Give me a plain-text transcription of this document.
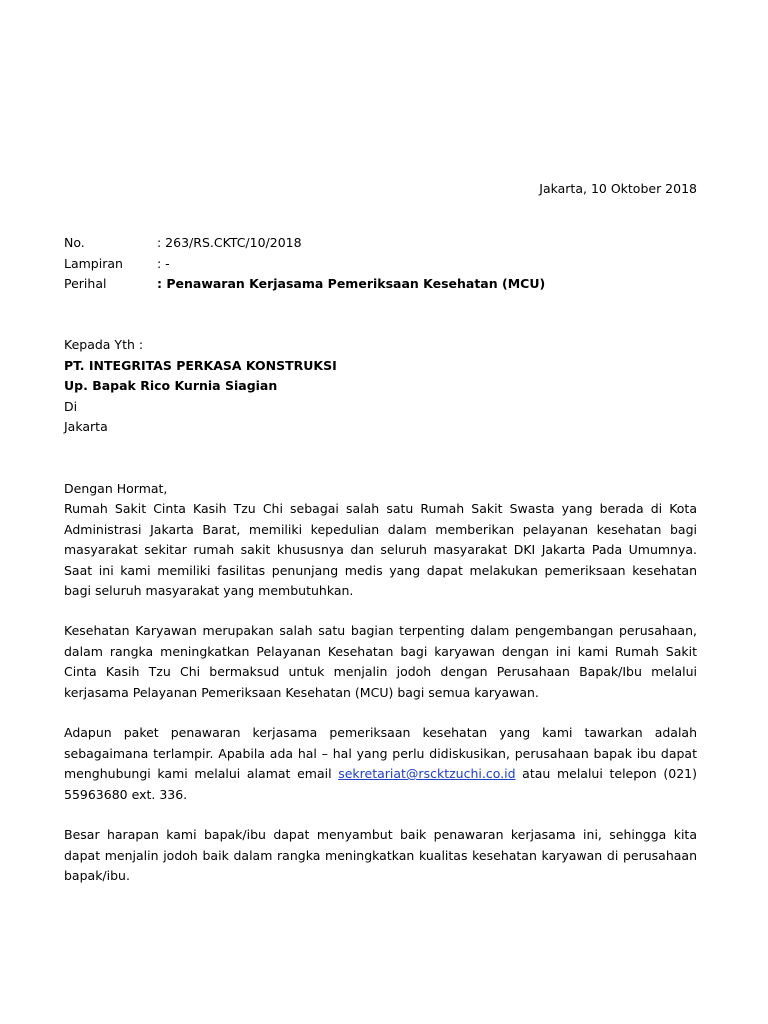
Jakarta, 10 Oktober 2018
No.	: 263/RS.CKTC/10/2018
Lampiran	: -
Perihal	: Penawaran Kerjasama Pemeriksaan Kesehatan (MCU)
Kepada Yth :
PT. INTEGRITAS PERKASA KONSTRUKSI
Up. Bapak Rico Kurnia Siagian
Di
Jakarta
Dengan Hormat,

Rumah Sakit Cinta Kasih Tzu Chi sebagai salah satu Rumah Sakit Swasta yang berada di Kota Administrasi Jakarta Barat, memiliki kepedulian dalam memberikan pelayanan kesehatan bagi masyarakat sekitar rumah sakit khususnya dan seluruh masyarakat DKI Jakarta Pada Umumnya. Saat ini kami memiliki fasilitas penunjang medis yang dapat melakukan pemeriksaan kesehatan bagi seluruh masyarakat yang membutuhkan.

Kesehatan Karyawan merupakan salah satu bagian terpenting dalam pengembangan perusahaan, dalam rangka meningkatkan Pelayanan Kesehatan bagi karyawan dengan ini kami Rumah Sakit Cinta Kasih Tzu Chi bermaksud untuk menjalin jodoh dengan Perusahaan Bapak/Ibu melalui kerjasama Pelayanan Pemeriksaan Kesehatan (MCU) bagi semua karyawan.

Adapun paket penawaran kerjasama pemeriksaan kesehatan yang kami tawarkan adalah sebagaimana terlampir. Apabila ada hal – hal yang perlu didiskusikan, perusahaan bapak ibu dapat menghubungi kami melalui alamat email sekretariat@rscktzuchi.co.id atau melalui telepon (021) 55963680 ext. 336.

Besar harapan kami bapak/ibu dapat menyambut baik penawaran kerjasama ini, sehingga kita dapat menjalin jodoh baik dalam rangka meningkatkan kualitas kesehatan karyawan di perusahaan bapak/ibu.
